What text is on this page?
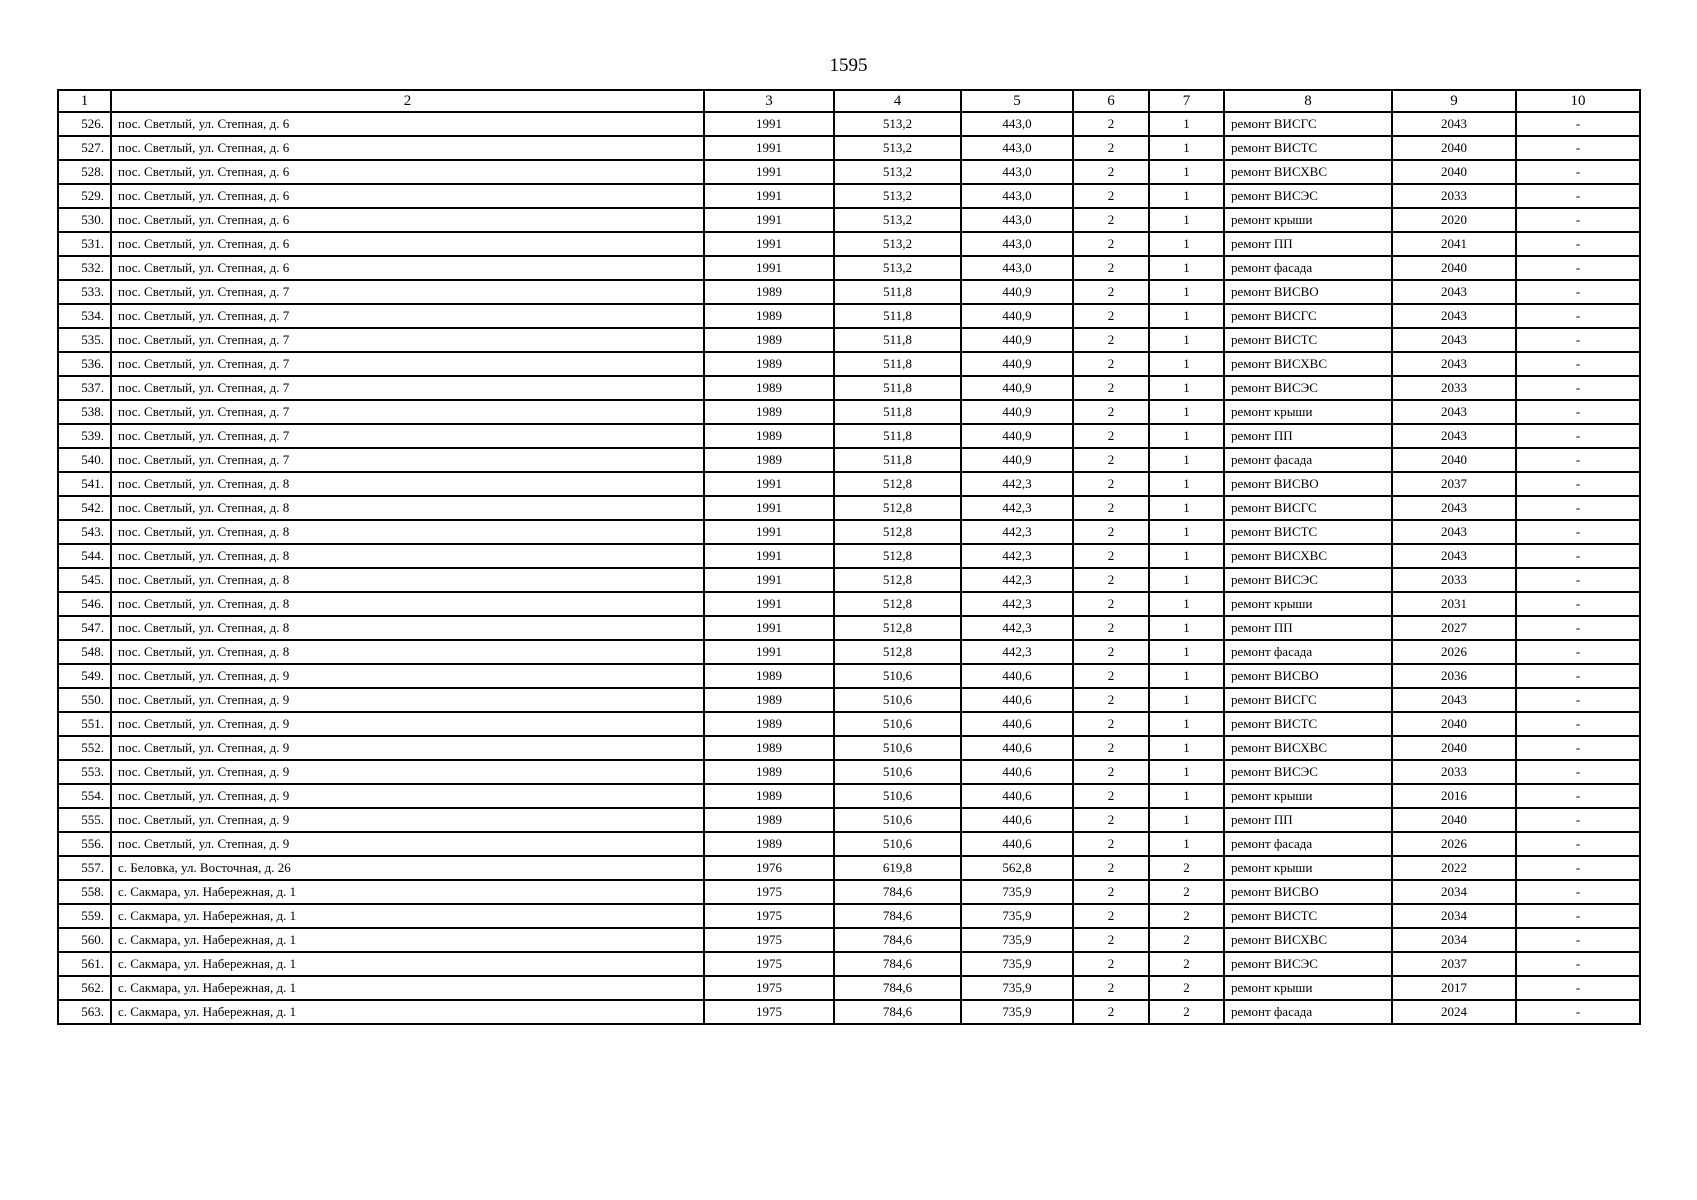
1595
1	2	3	4	5	6	7	8	9	10
526.	пос. Светлый, ул. Степная, д. 6	1991	513,2	443,0	2	1	ремонт ВИСГС	2043	-
527.	пос. Светлый, ул. Степная, д. 6	1991	513,2	443,0	2	1	ремонт ВИСТС	2040	-
528.	пос. Светлый, ул. Степная, д. 6	1991	513,2	443,0	2	1	ремонт ВИСХВС	2040	-
529.	пос. Светлый, ул. Степная, д. 6	1991	513,2	443,0	2	1	ремонт ВИСЭС	2033	-
530.	пос. Светлый, ул. Степная, д. 6	1991	513,2	443,0	2	1	ремонт крыши	2020	-
531.	пос. Светлый, ул. Степная, д. 6	1991	513,2	443,0	2	1	ремонт ПП	2041	-
532.	пос. Светлый, ул. Степная, д. 6	1991	513,2	443,0	2	1	ремонт фасада	2040	-
533.	пос. Светлый, ул. Степная, д. 7	1989	511,8	440,9	2	1	ремонт ВИСВО	2043	-
534.	пос. Светлый, ул. Степная, д. 7	1989	511,8	440,9	2	1	ремонт ВИСГС	2043	-
535.	пос. Светлый, ул. Степная, д. 7	1989	511,8	440,9	2	1	ремонт ВИСТС	2043	-
536.	пос. Светлый, ул. Степная, д. 7	1989	511,8	440,9	2	1	ремонт ВИСХВС	2043	-
537.	пос. Светлый, ул. Степная, д. 7	1989	511,8	440,9	2	1	ремонт ВИСЭС	2033	-
538.	пос. Светлый, ул. Степная, д. 7	1989	511,8	440,9	2	1	ремонт крыши	2043	-
539.	пос. Светлый, ул. Степная, д. 7	1989	511,8	440,9	2	1	ремонт ПП	2043	-
540.	пос. Светлый, ул. Степная, д. 7	1989	511,8	440,9	2	1	ремонт фасада	2040	-
541.	пос. Светлый, ул. Степная, д. 8	1991	512,8	442,3	2	1	ремонт ВИСВО	2037	-
542.	пос. Светлый, ул. Степная, д. 8	1991	512,8	442,3	2	1	ремонт ВИСГС	2043	-
543.	пос. Светлый, ул. Степная, д. 8	1991	512,8	442,3	2	1	ремонт ВИСТС	2043	-
544.	пос. Светлый, ул. Степная, д. 8	1991	512,8	442,3	2	1	ремонт ВИСХВС	2043	-
545.	пос. Светлый, ул. Степная, д. 8	1991	512,8	442,3	2	1	ремонт ВИСЭС	2033	-
546.	пос. Светлый, ул. Степная, д. 8	1991	512,8	442,3	2	1	ремонт крыши	2031	-
547.	пос. Светлый, ул. Степная, д. 8	1991	512,8	442,3	2	1	ремонт ПП	2027	-
548.	пос. Светлый, ул. Степная, д. 8	1991	512,8	442,3	2	1	ремонт фасада	2026	-
549.	пос. Светлый, ул. Степная, д. 9	1989	510,6	440,6	2	1	ремонт ВИСВО	2036	-
550.	пос. Светлый, ул. Степная, д. 9	1989	510,6	440,6	2	1	ремонт ВИСГС	2043	-
551.	пос. Светлый, ул. Степная, д. 9	1989	510,6	440,6	2	1	ремонт ВИСТС	2040	-
552.	пос. Светлый, ул. Степная, д. 9	1989	510,6	440,6	2	1	ремонт ВИСХВС	2040	-
553.	пос. Светлый, ул. Степная, д. 9	1989	510,6	440,6	2	1	ремонт ВИСЭС	2033	-
554.	пос. Светлый, ул. Степная, д. 9	1989	510,6	440,6	2	1	ремонт крыши	2016	-
555.	пос. Светлый, ул. Степная, д. 9	1989	510,6	440,6	2	1	ремонт ПП	2040	-
556.	пос. Светлый, ул. Степная, д. 9	1989	510,6	440,6	2	1	ремонт фасада	2026	-
557.	с. Беловка, ул. Восточная, д. 26	1976	619,8	562,8	2	2	ремонт крыши	2022	-
558.	с. Сакмара, ул. Набережная, д. 1	1975	784,6	735,9	2	2	ремонт ВИСВО	2034	-
559.	с. Сакмара, ул. Набережная, д. 1	1975	784,6	735,9	2	2	ремонт ВИСТС	2034	-
560.	с. Сакмара, ул. Набережная, д. 1	1975	784,6	735,9	2	2	ремонт ВИСХВС	2034	-
561.	с. Сакмара, ул. Набережная, д. 1	1975	784,6	735,9	2	2	ремонт ВИСЭС	2037	-
562.	с. Сакмара, ул. Набережная, д. 1	1975	784,6	735,9	2	2	ремонт крыши	2017	-
563.	с. Сакмара, ул. Набережная, д. 1	1975	784,6	735,9	2	2	ремонт фасада	2024	-
